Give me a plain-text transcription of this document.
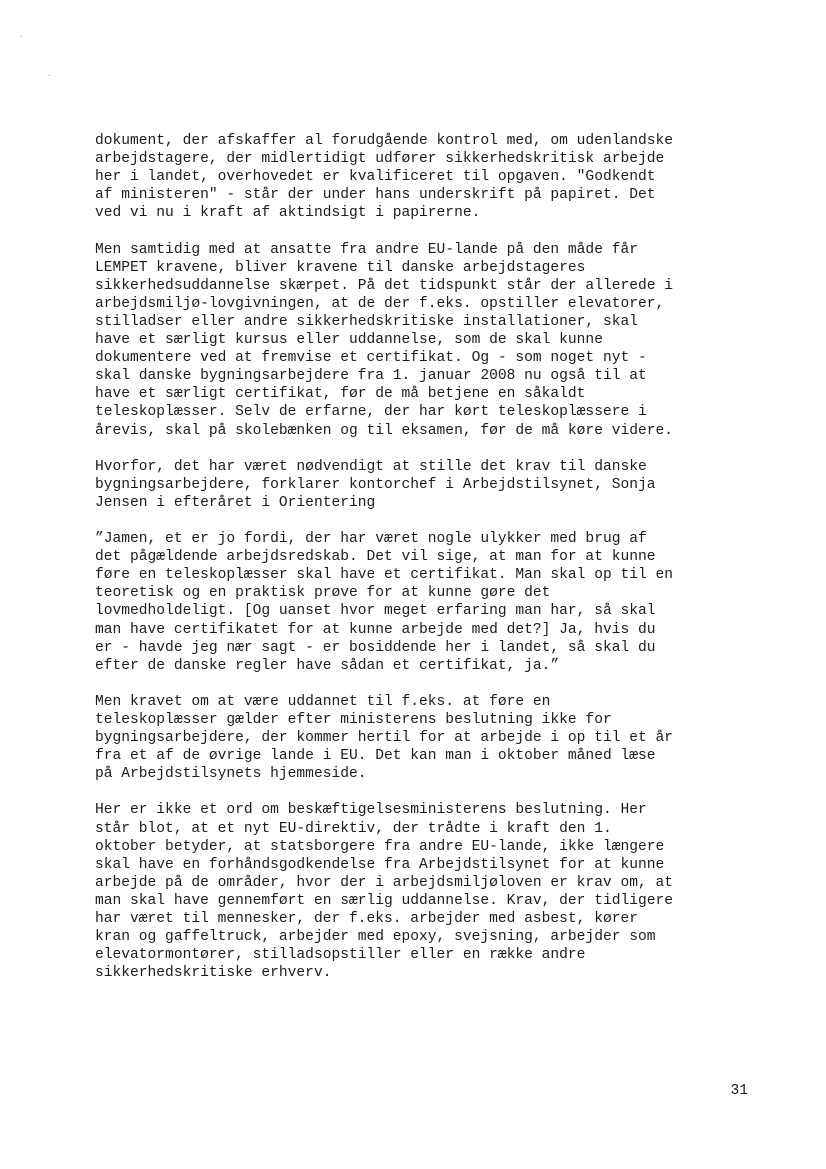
dokument, der afskaffer al forudgående kontrol med, om udenlandske
arbejdstagere, der midlertidigt udfører sikkerhedskritisk arbejde
her i landet, overhovedet er kvalificeret til opgaven. "Godkendt
af ministeren" - står der under hans underskrift på papiret. Det
ved vi nu i kraft af aktindsigt i papirerne.
Men samtidig med at ansatte fra andre EU-lande på den måde får
LEMPET kravene, bliver kravene til danske arbejdstageres
sikkerhedsuddannelse skærpet. På det tidspunkt står der allerede i
arbejdsmiljø-lovgivningen, at de der f.eks. opstiller elevatorer,
stilladser eller andre sikkerhedskritiske installationer, skal
have et særligt kursus eller uddannelse, som de skal kunne
dokumentere ved at fremvise et certifikat. Og - som noget nyt -
skal danske bygningsarbejdere fra 1. januar 2008 nu også til at
have et særligt certifikat, før de må betjene en såkaldt
teleskoplæsser. Selv de erfarne, der har kørt teleskoplæssere i
årevis, skal på skolebænken og til eksamen, før de må køre videre.
Hvorfor, det har været nødvendigt at stille det krav til danske
bygningsarbejdere, forklarer kontorchef i Arbejdstilsynet, Sonja
Jensen i efteråret i Orientering
”Jamen, et er jo fordi, der har været nogle ulykker med brug af
det pågældende arbejdsredskab. Det vil sige, at man for at kunne
føre en teleskoplæsser skal have et certifikat. Man skal op til en
teoretisk og en praktisk prøve for at kunne gøre det
lovmedholdeligt. [Og uanset hvor meget erfaring man har, så skal
man have certifikatet for at kunne arbejde med det?] Ja, hvis du
er - havde jeg nær sagt - er bosiddende her i landet, så skal du
efter de danske regler have sådan et certifikat, ja.”
Men kravet om at være uddannet til f.eks. at føre en
teleskoplæsser gælder efter ministerens beslutning ikke for
bygningsarbejdere, der kommer hertil for at arbejde i op til et år
fra et af de øvrige lande i EU. Det kan man i oktober måned læse
på Arbejdstilsynets hjemmeside.
Her er ikke et ord om beskæftigelsesministerens beslutning. Her
står blot, at et nyt EU-direktiv, der trådte i kraft den 1.
oktober betyder, at statsborgere fra andre EU-lande, ikke længere
skal have en forhåndsgodkendelse fra Arbejdstilsynet for at kunne
arbejde på de områder, hvor der i arbejdsmiljøloven er krav om, at
man skal have gennemført en særlig uddannelse. Krav, der tidligere
har været til mennesker, der f.eks. arbejder med asbest, kører
kran og gaffeltruck, arbejder med epoxy, svejsning, arbejder som
elevatormontører, stilladsopstiller eller en række andre
sikkerhedskritiske erhverv.
31
